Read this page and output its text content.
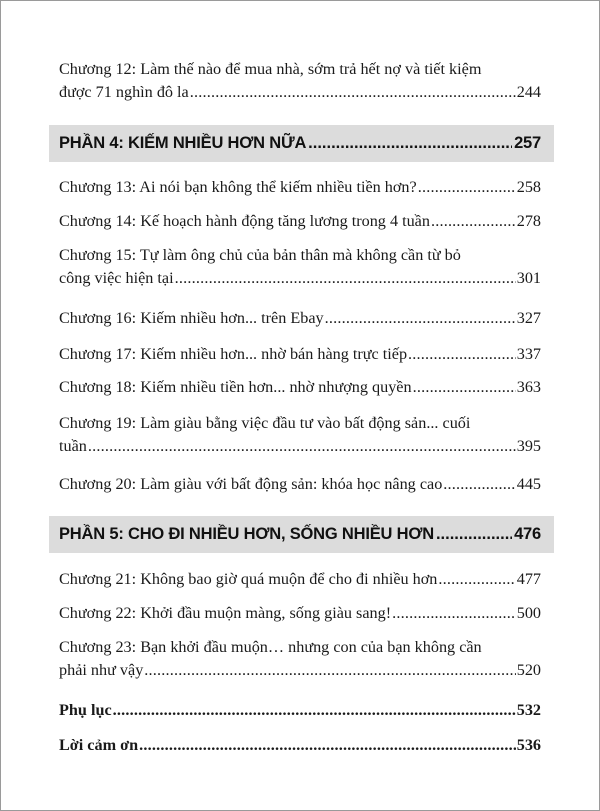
Chương 12: Làm thế nào để mua nhà, sớm trả hết nợ và tiết kiệm
được 71 nghìn đô la .....	244
PHẦN 4: KIẾM NHIỀU HƠN NỮA .....	257
Chương 13: Ai nói bạn không thể kiếm nhiều tiền hơn? .....	258
Chương 14: Kế hoạch hành động tăng lương trong 4 tuần .....	278
Chương 15: Tự làm ông chủ của bản thân mà không cần từ bỏ
công việc hiện tại .....	301
Chương 16: Kiếm nhiều hơn... trên Ebay .....	327
Chương 17: Kiếm nhiều hơn... nhờ bán hàng trực tiếp .....	337
Chương 18: Kiếm nhiều tiền hơn... nhờ nhượng quyền .....	363
Chương 19: Làm giàu bằng việc đầu tư vào bất động sản... cuối
tuần .....	395
Chương 20: Làm giàu với bất động sản: khóa học nâng cao .....	445
PHẦN 5: CHO ĐI NHIỀU HƠN, SỐNG NHIỀU HƠN .....	476
Chương 21: Không bao giờ quá muộn để cho đi nhiều hơn .....	477
Chương 22: Khởi đầu muộn màng, sống giàu sang! .....	500
Chương 23: Bạn khởi đầu muộn… nhưng con của bạn không cần
phải như vậy .....	520
Phụ lục .....	532
Lời cảm ơn .....	536
